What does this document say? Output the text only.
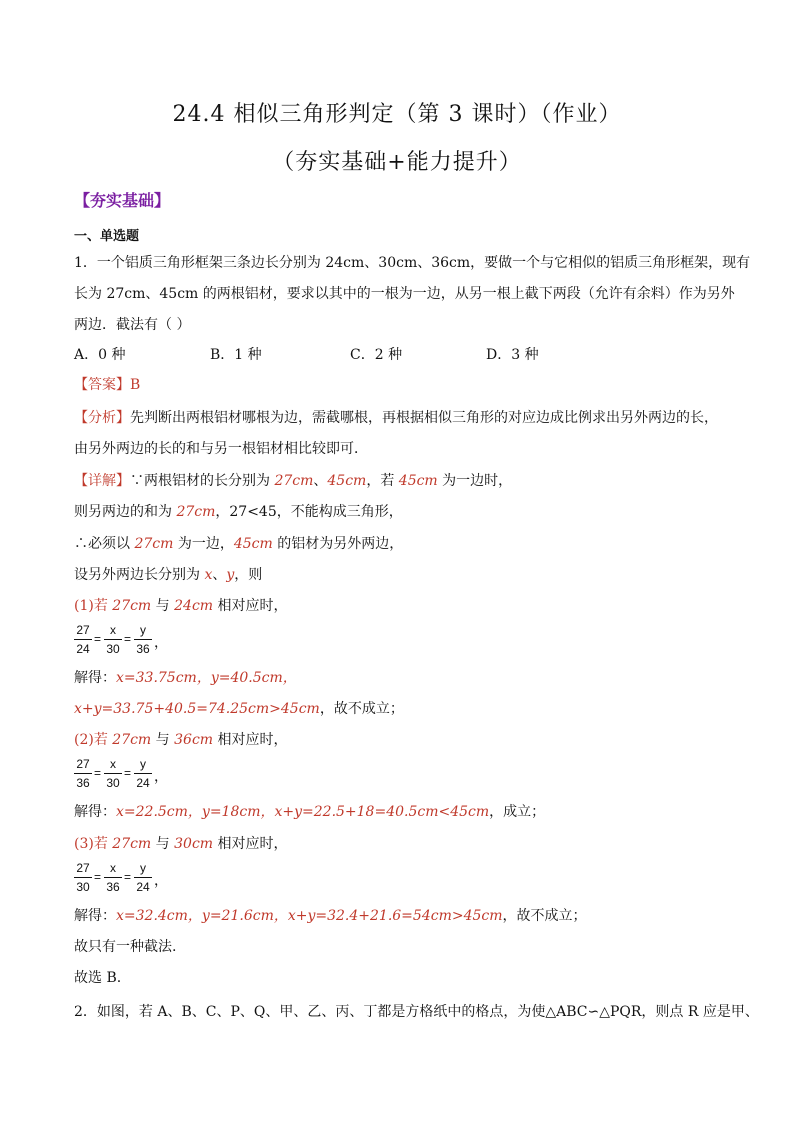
24.4 相似三角形判定（第 3 课时）（作业）
（夯实基础+能力提升）
【夯实基础】
一、单选题
1．一个铝质三角形框架三条边长分别为 24cm、30cm、36cm，要做一个与它相似的铝质三角形框架，现有
长为 27cm、45cm 的两根铝材，要求以其中的一根为一边，从另一根上截下两段（允许有余料）作为另外
两边．截法有（ ）
A．0 种	B．1 种	C．2 种	D．3 种
【答案】B
【分析】先判断出两根铝材哪根为边，需截哪根，再根据相似三角形的对应边成比例求出另外两边的长，
由另外两边的长的和与另一根铝材相比较即可．
【详解】∵两根铝材的长分别为 27cm、45cm，若 45cm 为一边时，
则另两边的和为 27cm，27<45，不能构成三角形，
∴必须以 27cm 为一边，45cm 的铝材为另外两边，
设另外两边长分别为 x、y，则
(1)若 27cm 与 24cm 相对应时，
27
24
=
x
30
=
y
36 ，
解得：x=33.75cm，y=40.5cm，
x+y=33.75+40.5=74.25cm>45cm，故不成立；
(2)若 27cm 与 36cm 相对应时，
27
36
=
x
30
=
y
24 ，
解得：x=22.5cm，y=18cm，x+y=22.5+18=40.5cm<45cm，成立；
(3)若 27cm 与 30cm 相对应时，
27
30
=
x
36
=
y
24 ，
解得：x=32.4cm，y=21.6cm，x+y=32.4+21.6=54cm>45cm，故不成立；
故只有一种截法.
故选 B.
2．如图，若 A、B、C、P、Q、甲、乙、丙、丁都是方格纸中的格点，为使△ABC∽△PQR，则点 R 应是甲、
